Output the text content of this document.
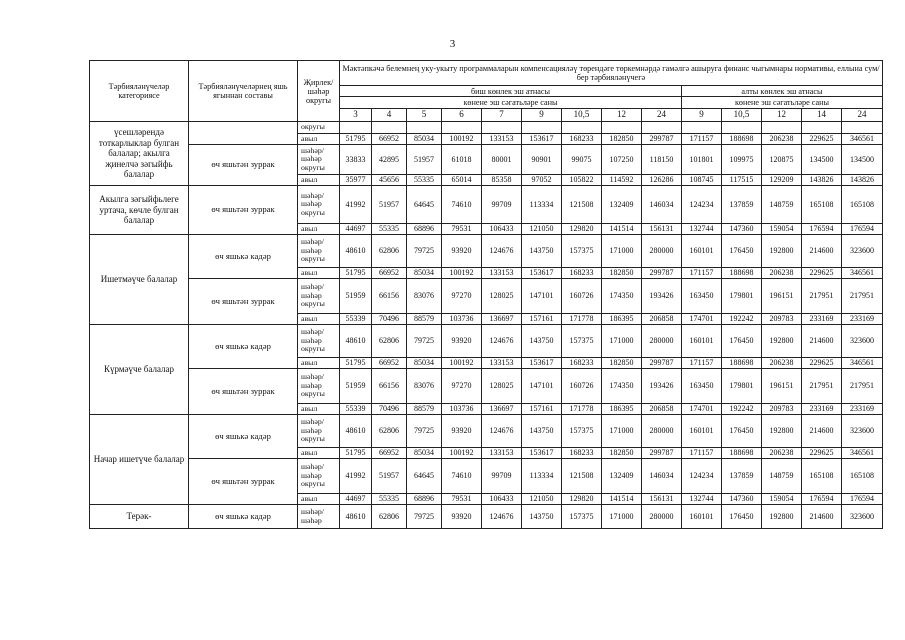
3
Тәрбияләнүчеләр категориясе	Тәрбияләнүчеләрнең яшь ягыннан составы	Җирлек/ шәһәр округы	Мәктәпкәчә белемнең уку-укыту программаларын компенсацияләү төрендәге төркемнәрдә гамәлгә ашыруга финанс чыгымнары нормативы, еллына сум/бер тәрбияләнүчегә													
			биш көнлек эш атнасы									алты көнлек эш атнасы				
			көнене эш сәгатьләре саны									көнене эш сәгатьләре саны				
			3	4	5	6	7	9	10,5	12	24	9	10,5	12	14	24
үсешләрендә тоткарлыклар булган балалар; акылга җинелчә зәгыйфь балалар		округы														
		авыл	51795	66952	85034	100192	133153	153617	168233	182850	299787	171157	188698	206238	229625	346561
	өч яшьтән зуррак	шәһәр/ шәһәр округы	33833	42895	51957	61018	80001	90901	99075	107250	118150	101801	109975	120875	134500	134500
		авыл	35977	45656	55335	65014	85358	97052	105822	114592	126286	108745	117515	129209	143826	143826
Акылга зәгыйфьлеге уртача, көчле булган балалар	өч яшьтән зуррак	шәһәр/ шәһәр округы	41992	51957	64645	74610	99709	113334	121508	132409	146034	124234	137859	148759	165108	165108
		авыл	44697	55335	68896	79531	106433	121050	129820	141514	156131	132744	147360	159054	176594	176594
Ишетмәүче балалар	өч яшькә кадәр	шәһәр/ шәһәр округы	48610	62806	79725	93920	124676	143750	157375	171000	280000	160101	176450	192800	214600	323600
		авыл	51795	66952	85034	100192	133153	153617	168233	182850	299787	171157	188698	206238	229625	346561
	өч яшьтән зуррак	шәһәр/ шәһәр округы	51959	66156	83076	97270	128025	147101	160726	174350	193426	163450	179801	196151	217951	217951
		авыл	55339	70496	88579	103736	136697	157161	171778	186395	206858	174701	192242	209783	233169	233169
Күрмәүче балалар	өч яшькә кадәр	шәһәр/ шәһәр округы	48610	62806	79725	93920	124676	143750	157375	171000	280000	160101	176450	192800	214600	323600
		авыл	51795	66952	85034	100192	133153	153617	168233	182850	299787	171157	188698	206238	229625	346561
	өч яшьтән зуррак	шәһәр/ шәһәр округы	51959	66156	83076	97270	128025	147101	160726	174350	193426	163450	179801	196151	217951	217951
		авыл	55339	70496	88579	103736	136697	157161	171778	186395	206858	174701	192242	209783	233169	233169
Начар ишетүче балалар	өч яшькә кадәр	шәһәр/ шәһәр округы	48610	62806	79725	93920	124676	143750	157375	171000	280000	160101	176450	192800	214600	323600
		авыл	51795	66952	85034	100192	133153	153617	168233	182850	299787	171157	188698	206238	229625	346561
	өч яшьтән зуррак	шәһәр/ шәһәр округы	41992	51957	64645	74610	99709	113334	121508	132409	146034	124234	137859	148759	165108	165108
		авыл	44697	55335	68896	79531	106433	121050	129820	141514	156131	132744	147360	159054	176594	176594
Терәк-	өч яшькә кадәр	шәһәр/ шәһәр	48610	62806	79725	93920	124676	143750	157375	171000	280000	160101	176450	192800	214600	323600
